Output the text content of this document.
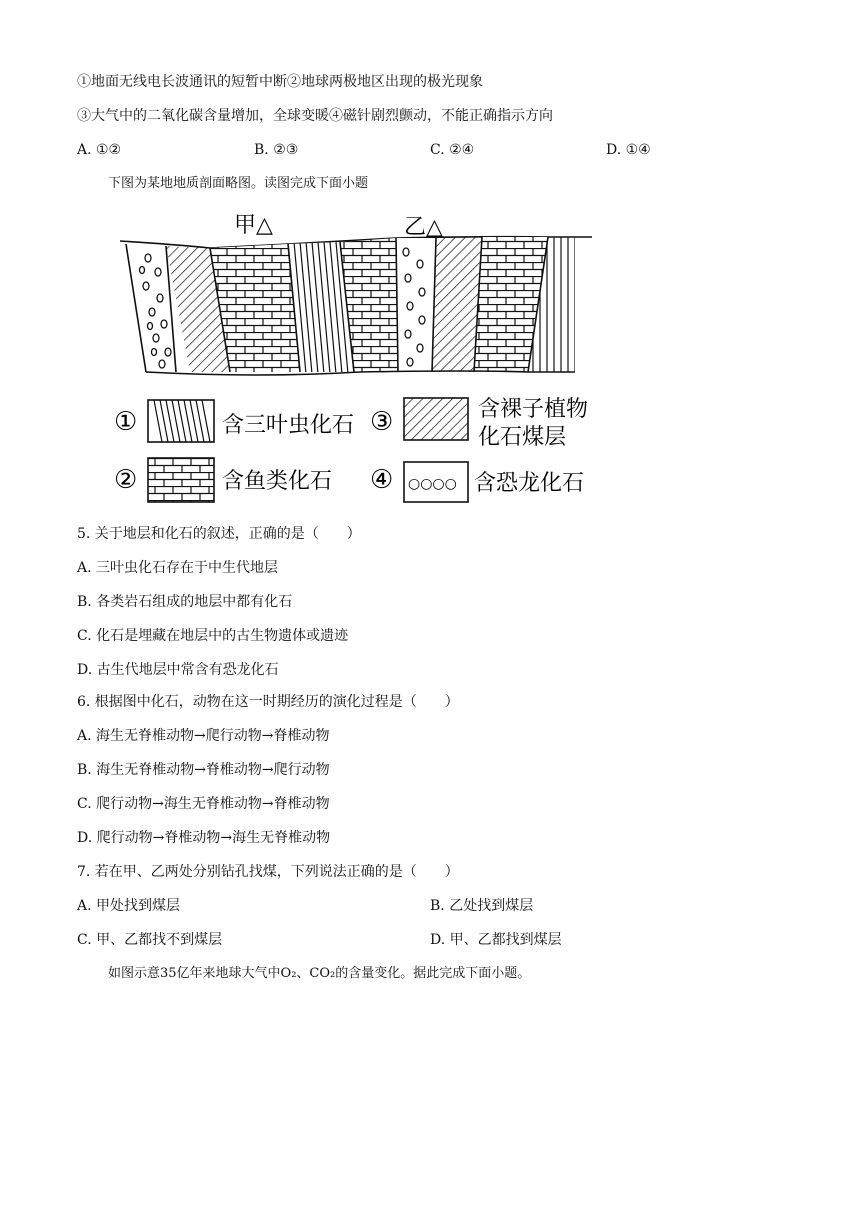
①地面无线电长波通讯的短暂中断②地球两极地区出现的极光现象
③大气中的二氧化碳含量增加，全球变暖④磁针剧烈颤动，不能正确指示方向
A. ①②	B. ②③	C. ②④	D. ①④
下图为某地地质剖面略图。读图完成下面小题
甲△	乙△
①	含三叶虫化石 ③	含裸子植物
化石煤层
②	含鱼类化石 ④ ○○○○ 含恐龙化石
5. 关于地层和化石的叙述，正确的是（　　）
A. 三叶虫化石存在于中生代地层
B. 各类岩石组成的地层中都有化石
C. 化石是埋藏在地层中的古生物遗体或遗迹
D. 古生代地层中常含有恐龙化石
6. 根据图中化石，动物在这一时期经历的演化过程是（　　）
A. 海生无脊椎动物→爬行动物→脊椎动物
B. 海生无脊椎动物→脊椎动物→爬行动物
C. 爬行动物→海生无脊椎动物→脊椎动物
D. 爬行动物→脊椎动物→海生无脊椎动物
7. 若在甲、乙两处分别钻孔找煤，下列说法正确的是（　　）
A. 甲处找到煤层	B. 乙处找到煤层
C. 甲、乙都找不到煤层	D. 甲、乙都找到煤层
如图示意35亿年来地球大气中O₂、CO₂的含量变化。据此完成下面小题。
